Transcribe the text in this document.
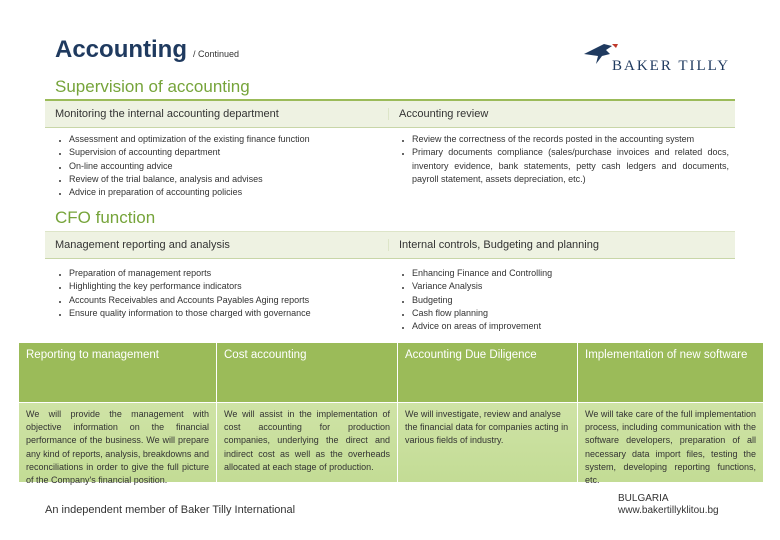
Accounting / Continued
BAKER TILLY
Supervision of accounting
Monitoring the internal accounting department	Accounting review
▪ Assessment and optimization of the existing finance function
▪ Supervision of accounting department
▪ On-line accounting advice
▪ Review of the trial balance, analysis and advises
▪ Advice in preparation of accounting policies
▪ Review the correctness of the records posted in the accounting system
▪ Primary documents compliance (sales/purchase invoices and related docs, inventory evidence, bank statements, petty cash ledgers and documents, payroll statement, assets depreciation, etc.)
CFO function
Management reporting and analysis	Internal controls, Budgeting and planning
▪ Preparation of management reports
▪ Highlighting the key performance indicators
▪ Accounts Receivables and Accounts Payables Aging reports
▪ Ensure quality information to those charged with governance
▪ Enhancing Finance and Controlling
▪ Variance Analysis
▪ Budgeting
▪ Cash flow planning
▪ Advice on areas of improvement
Reporting to management	Cost accounting	Accounting Due Diligence	Implementation of new software
We will provide the management with objective information on the financial performance of the business. We will prepare any kind of reports, analysis, breakdowns and reconciliations in order to give the full picture of the Company's financial position.
We will assist in the implementation of cost accounting for production companies, underlying the direct and indirect cost as well as the overheads allocated at each stage of production.
We will investigate, review and analyse the financial data for companies acting in various fields of industry.
We will take care of the full implementation process, including communication with the software developers, preparation of all necessary data import files, testing the system, developing reporting functions, etc.
An independent member of Baker Tilly International
BULGARIA
www.bakertillyklitou.bg
